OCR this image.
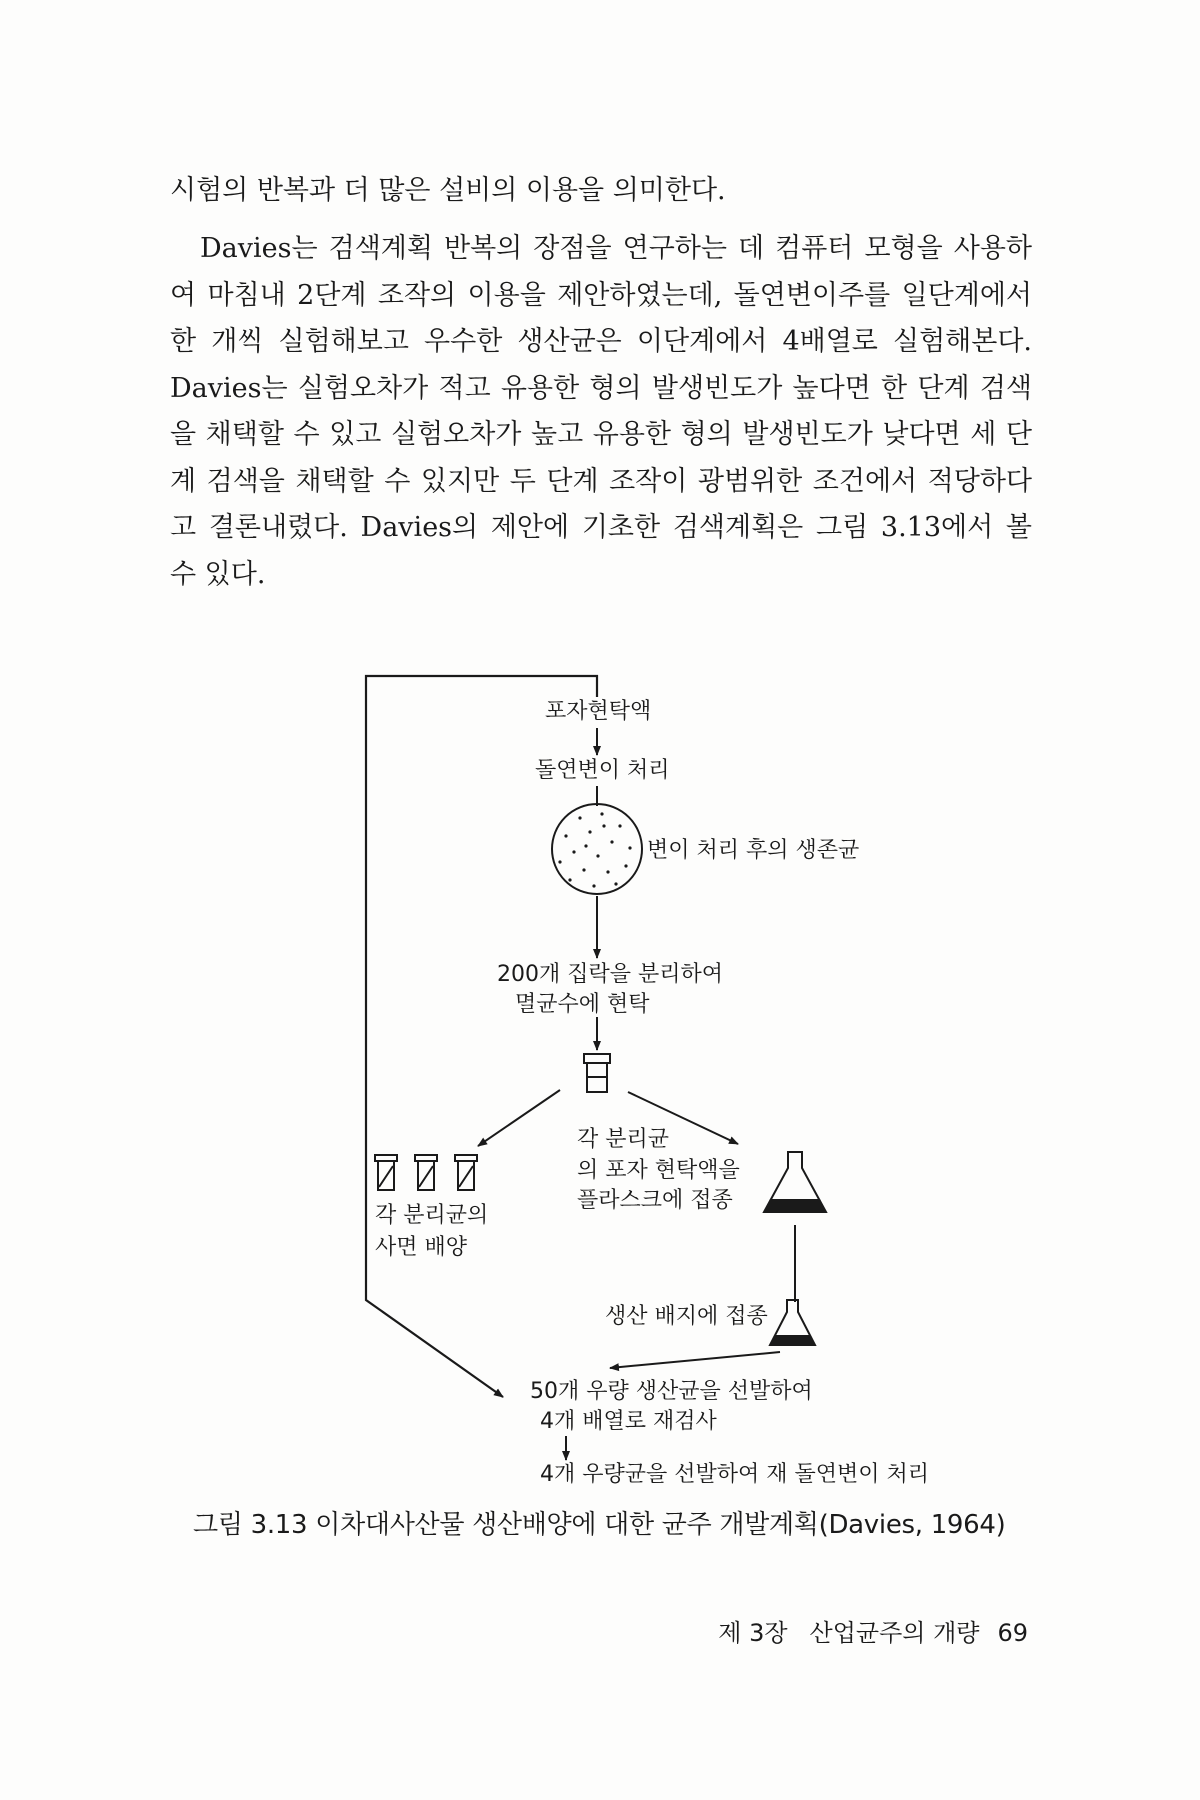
시험의 반복과 더 많은 설비의 이용을 의미한다.

Davies는 검색계획 반복의 장점을 연구하는 데 컴퓨터 모형을 사용하여 마침내 2단계 조작의 이용을 제안하였는데, 돌연변이주를 일단계에서 한 개씩 실험해보고 우수한 생산균은 이단계에서 4배열로 실험해본다. Davies는 실험오차가 적고 유용한 형의 발생빈도가 높다면 한 단계 검색을 채택할 수 있고 실험오차가 높고 유용한 형의 발생빈도가 낮다면 세 단계 검색을 채택할 수 있지만 두 단계 조작이 광범위한 조건에서 적당하다고 결론내렸다. Davies의 제안에 기초한 검색계획은 그림 3.13에서 볼 수 있다.

포자현탁액
돌연변이 처리
변이 처리 후의 생존균
200개 집락을 분리하여
멸균수에 현탁
각 분리균의
사면 배양
각 분리균
의 포자 현탁액을
플라스크에 접종
생산 배지에 접종
50개 우량 생산균을 선발하여
4개 배열로 재검사
4개 우량균을 선발하여 재 돌연변이 처리
그림 3.13 이차대사산물 생산배양에 대한 균주 개발계획(Davies, 1964)
제 3장 산업균주의 개량 69
